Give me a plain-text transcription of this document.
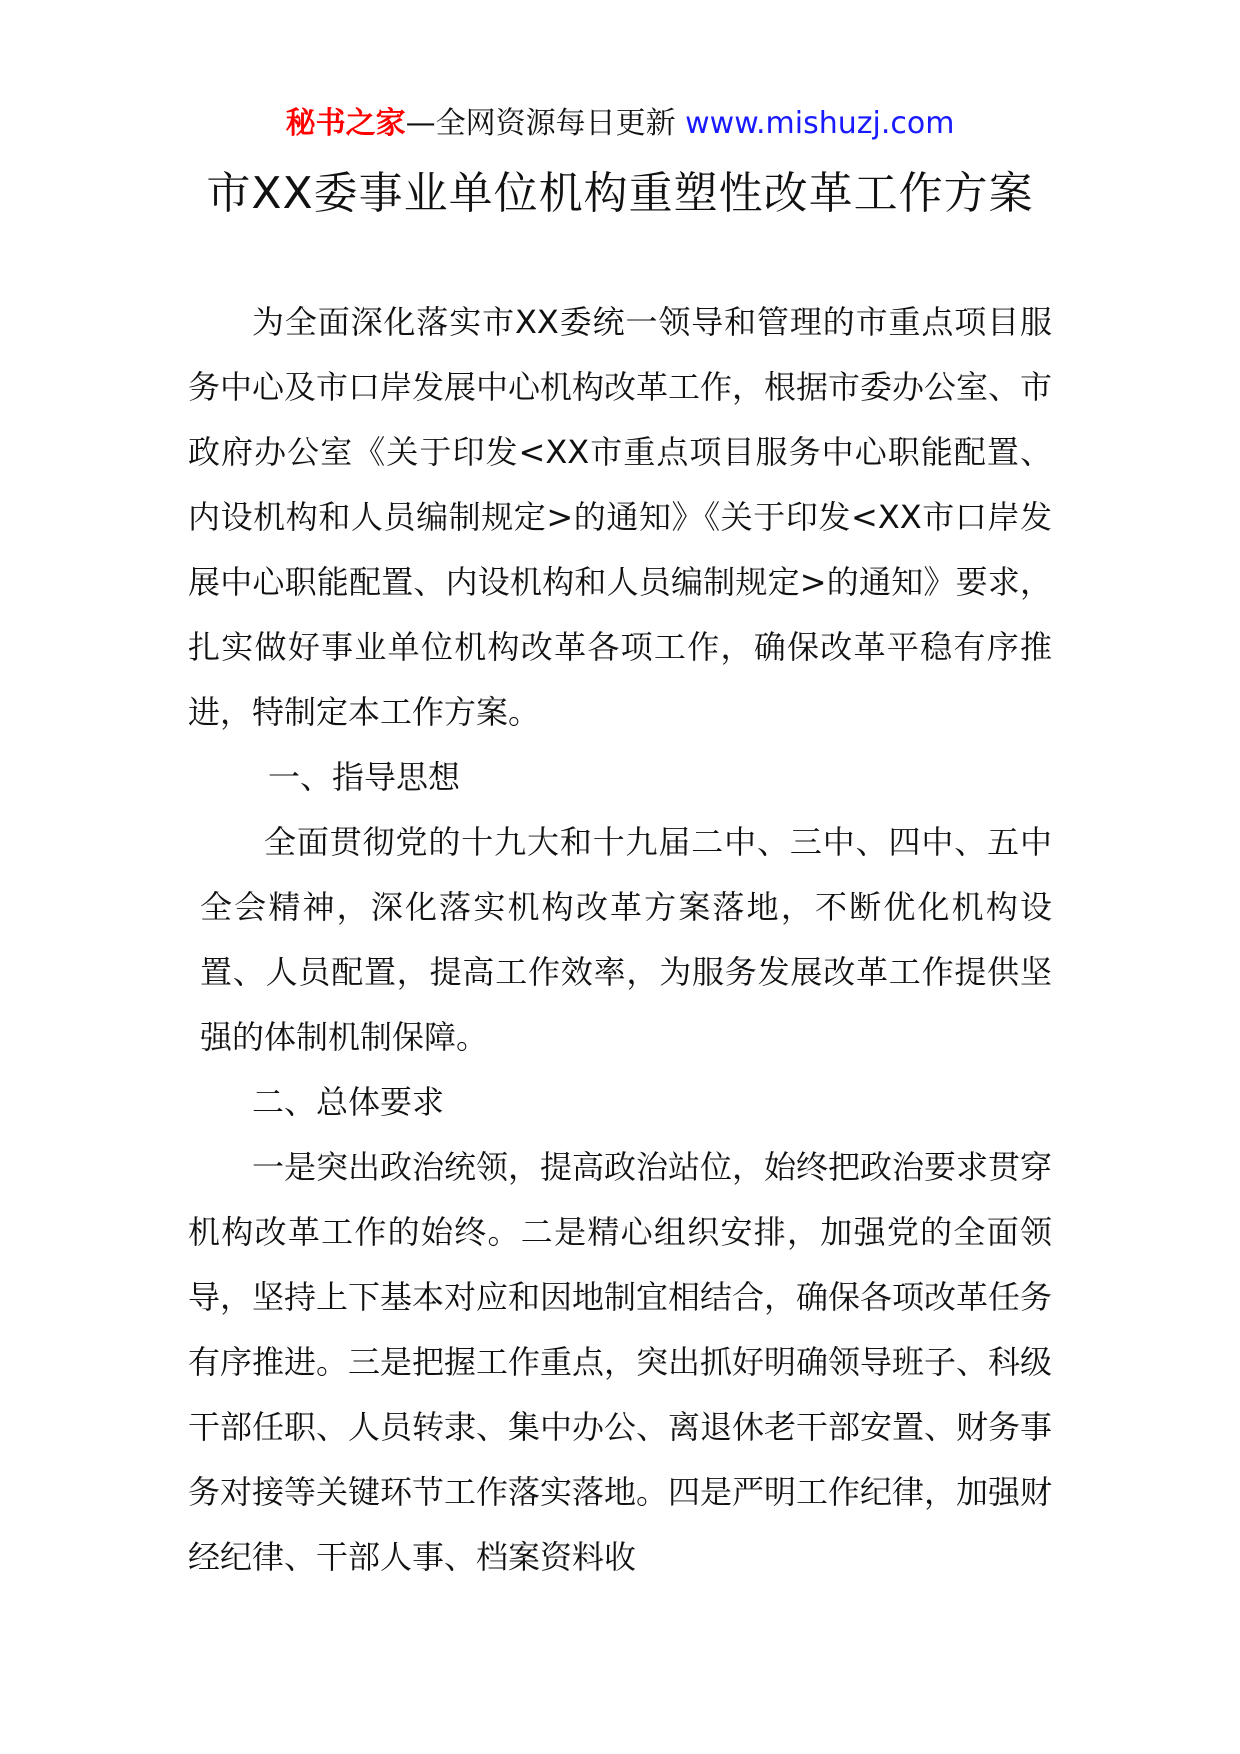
秘书之家—全网资源每日更新 www.mishuzj.com
市XX委事业单位机构重塑性改革工作方案

为全面深化落实市XX委统一领导和管理的市重点项目服务中心及市口岸发展中心机构改革工作，根据市委办公室、市政府办公室《关于印发<XX市重点项目服务中心职能配置、内设机构和人员编制规定>的通知》《关于印发<XX市口岸发展中心职能配置、内设机构和人员编制规定>的通知》要求，扎实做好事业单位机构改革各项工作，确保改革平稳有序推进，特制定本工作方案。

一、指导思想

全面贯彻党的十九大和十九届二中、三中、四中、五中全会精神，深化落实机构改革方案落地，不断优化机构设置、人员配置，提高工作效率，为服务发展改革工作提供坚强的体制机制保障。

二、总体要求

一是突出政治统领，提高政治站位，始终把政治要求贯穿机构改革工作的始终。二是精心组织安排，加强党的全面领导，坚持上下基本对应和因地制宜相结合，确保各项改革任务有序推进。三是把握工作重点，突出抓好明确领导班子、科级干部任职、人员转隶、集中办公、离退休老干部安置、财务事务对接等关键环节工作落实落地。四是严明工作纪律，加强财经纪律、干部人事、档案资料收
